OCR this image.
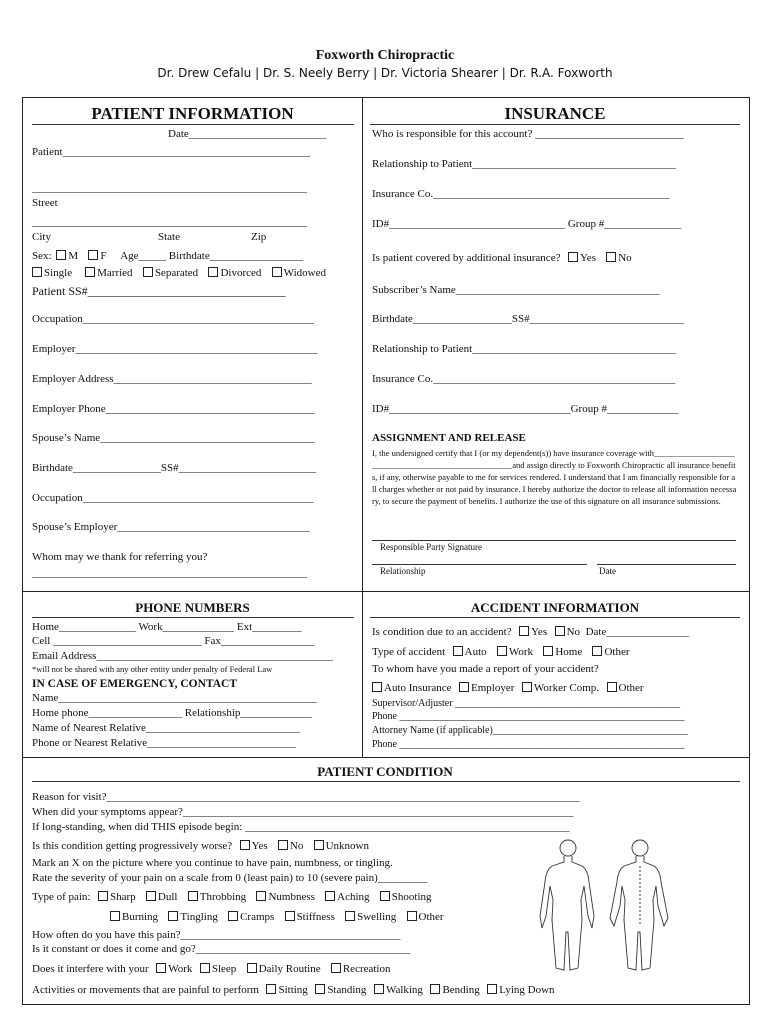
Foxworth Chiropractic
Dr. Drew Cefalu | Dr. S. Neely Berry | Dr. Victoria Shearer | Dr. R.A. Foxworth
PATIENT INFORMATION
Date_________________________
Patient_____________________________________________
__________________________________________________
Street
__________________________________________________
City	State	Zip
Sex: M F Age_____ Birthdate_________________
Single Married Separated Divorced Widowed
Patient SS#_________________________________
Occupation__________________________________________
Employer____________________________________________
Employer Address____________________________________
Employer Phone______________________________________
Spouse’s Name_______________________________________
Birthdate________________SS#_________________________
Occupation__________________________________________
Spouse’s Employer___________________________________
Whom may we thank for referring you?
__________________________________________________
INSURANCE
Who is responsible for this account? ___________________________
Relationship to Patient_____________________________________
Insurance Co.___________________________________________
ID#________________________________ Group #______________
Is patient covered by additional insurance? Yes No
Subscriber’s Name_____________________________________
Birthdate__________________SS#____________________________
Relationship to Patient_____________________________________
Insurance Co.____________________________________________
ID#_________________________________Group #_____________
ASSIGNMENT AND RELEASE
I, the undersigned certify that I (or my dependent(s)) have insurance coverage with____________________________________________________and assign directly to Foxworth Chiropractic all insurance benefits, if any, otherwise payable to me for services rendered. I understand that I am financially responsible for all charges whether or not paid by insurance. I hereby authorize the doctor to release all information necessary, to secure the payment of benefits. I authorize the use of this signature on all insurance submissions.
Responsible Party Signature
Relationship	Date
PHONE NUMBERS
Home______________ Work_____________ Ext_________
Cell ___________________________ Fax_________________
Email Address___________________________________________
*will not be shared with any other entity under penalty of Federal Law
IN CASE OF EMERGENCY, CONTACT
Name_______________________________________________
Home phone_________________ Relationship_____________
Name of Nearest Relative____________________________
Phone or Nearest Relative___________________________
ACCIDENT INFORMATION
Is condition due to an accident? Yes No Date_______________
Type of accident Auto Work Home Other
To whom have you made a report of your accident?
Auto Insurance Employer Worker Comp. Other
Supervisor/Adjuster _____________________________________________
Phone _________________________________________________________
Attorney Name (if applicable)_______________________________________
Phone _________________________________________________________
PATIENT CONDITION
Reason for visit?______________________________________________________________________________________
When did your symptoms appear?_______________________________________________________________________
If long-standing, when did THIS episode begin: ___________________________________________________________
Is this condition getting progressively worse? Yes No Unknown
Mark an X on the picture where you continue to have pain, numbness, or tingling.
Rate the severity of your pain on a scale from 0 (least pain) to 10 (severe pain)_________
Type of pain: Sharp Dull Throbbing Numbness Aching Shooting
Burning Tingling Cramps Stiffness Swelling Other
How often do you have this pain?________________________________________
Is it constant or does it come and go?_______________________________________
Does it interfere with your Work Sleep Daily Routine Recreation
Activities or movements that are painful to perform Sitting Standing Walking Bending Lying Down
